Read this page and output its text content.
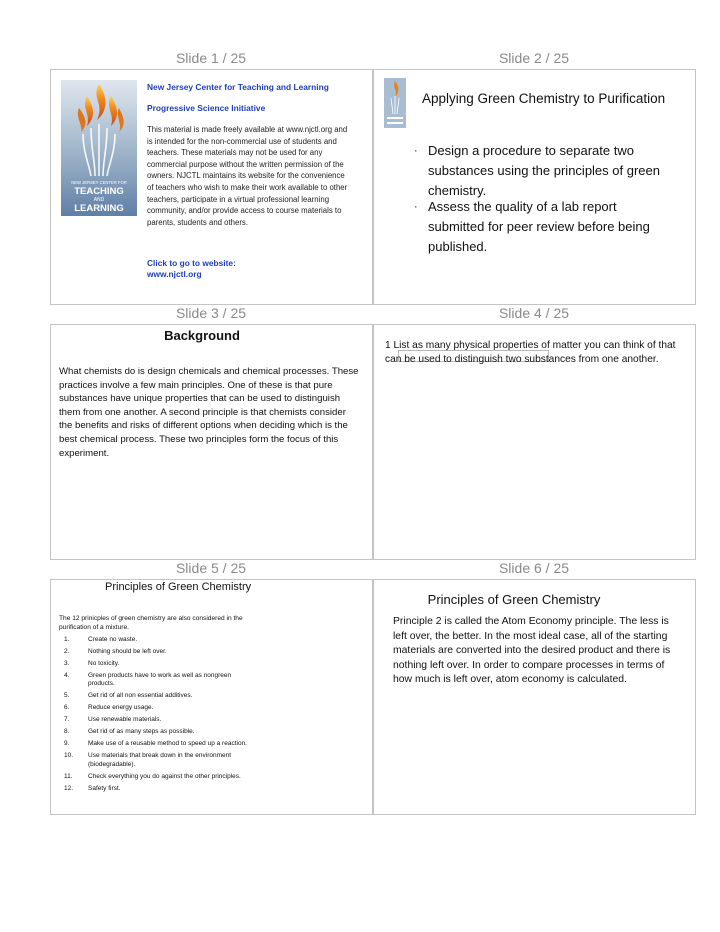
Slide 1 / 25	Slide 2 / 25
Slide 3 / 25	Slide 4 / 25
Slide 5 / 25	Slide 6 / 25
NEW JERSEY CENTER FOR
TEACHING
AND
LEARNING
New Jersey Center for Teaching and Learning
Progressive Science Initiative
This material is made freely available at www.njctl.org and is intended for the non-commercial use of students and teachers. These materials may not be used for any commercial purpose without the written permission of the owners. NJCTL maintains its website for the convenience of teachers who wish to make their work available to other teachers, participate in a virtual professional learning community, and/or provide access to course materials to parents, students and others.
Click to go to website:
www.njctl.org
Applying Green Chemistry to Purification
· Design a procedure to separate two substances using the principles of green chemistry.
· Assess the quality of a lab report submitted for peer review before being published.
Background
What chemists do is design chemicals and chemical processes. These practices involve a few main principles. One of these is that pure substances have unique properties that can be used to distinguish them from one another. A second principle is that chemists consider the benefits and risks of different options when deciding which is the best chemical process. These two principles form the focus of this experiment.
1 List as many physical properties of matter you can think of that can be used to distinguish two substances from one another.
Principles of Green Chemistry
The 12 prinicples of green chemistry are also considered in the purification of a mixture.
1.	Create no waste.
2.	Nothing should be left over.
3.	No toxicity.
4.	Green products have to work as well as nongreen products.
5.	Get rid of all non essential additives.
6.	Reduce energy usage.
7.	Use renewable materials.
8.	Get rid of as many steps as possible.
9.	Make use of a reusable method to speed up a reaction.
10. Use materials that break down in the environment (biodegradable).
11. Check everything you do against the other principles.
12. Safety first.
Principles of Green Chemistry
Principle 2 is called the Atom Economy principle. The less is left over, the better. In the most ideal case, all of the starting materials are converted into the desired product and there is nothing left over. In order to compare processes in terms of how much is left over, atom economy is calculated.
